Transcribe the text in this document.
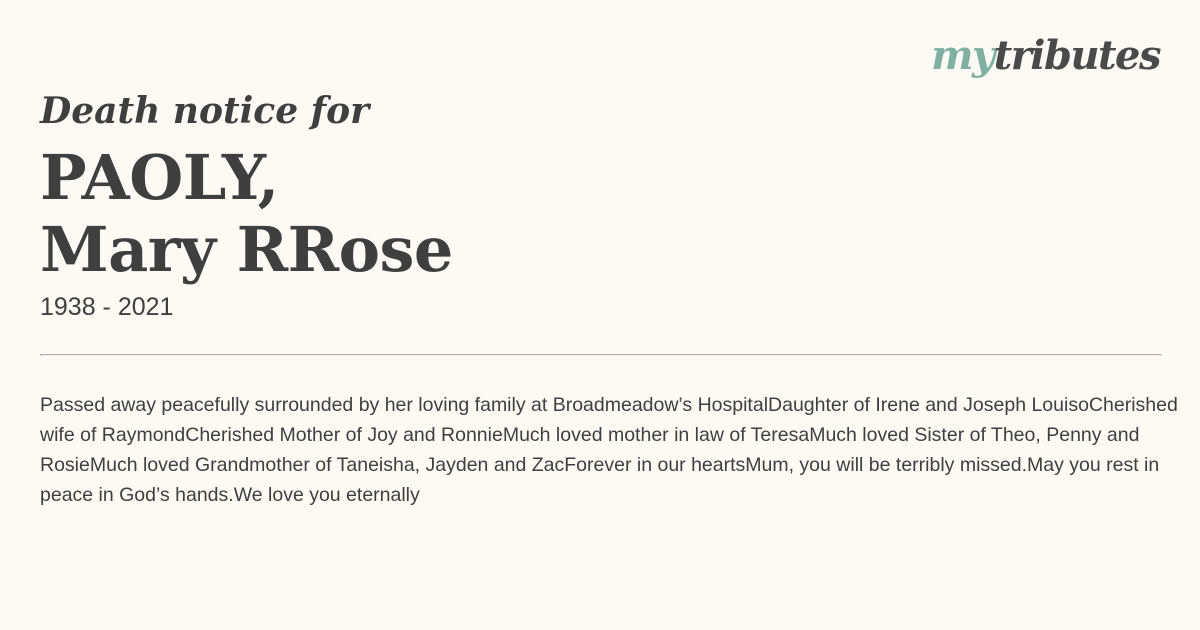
mytributes
Death notice for
PAOLY,
Mary RRose

1938 - 2021

Passed away peacefully surrounded by her loving family at Broadmeadow’s HospitalDaughter of Irene and Joseph LouisoCherished wife of RaymondCherished Mother of Joy and RonnieMuch loved mother in law of TeresaMuch loved Sister of Theo, Penny and RosieMuch loved Grandmother of Taneisha, Jayden and ZacForever in our heartsMum, you will be terribly missed.May you rest in peace in God’s hands.We love you eternally
